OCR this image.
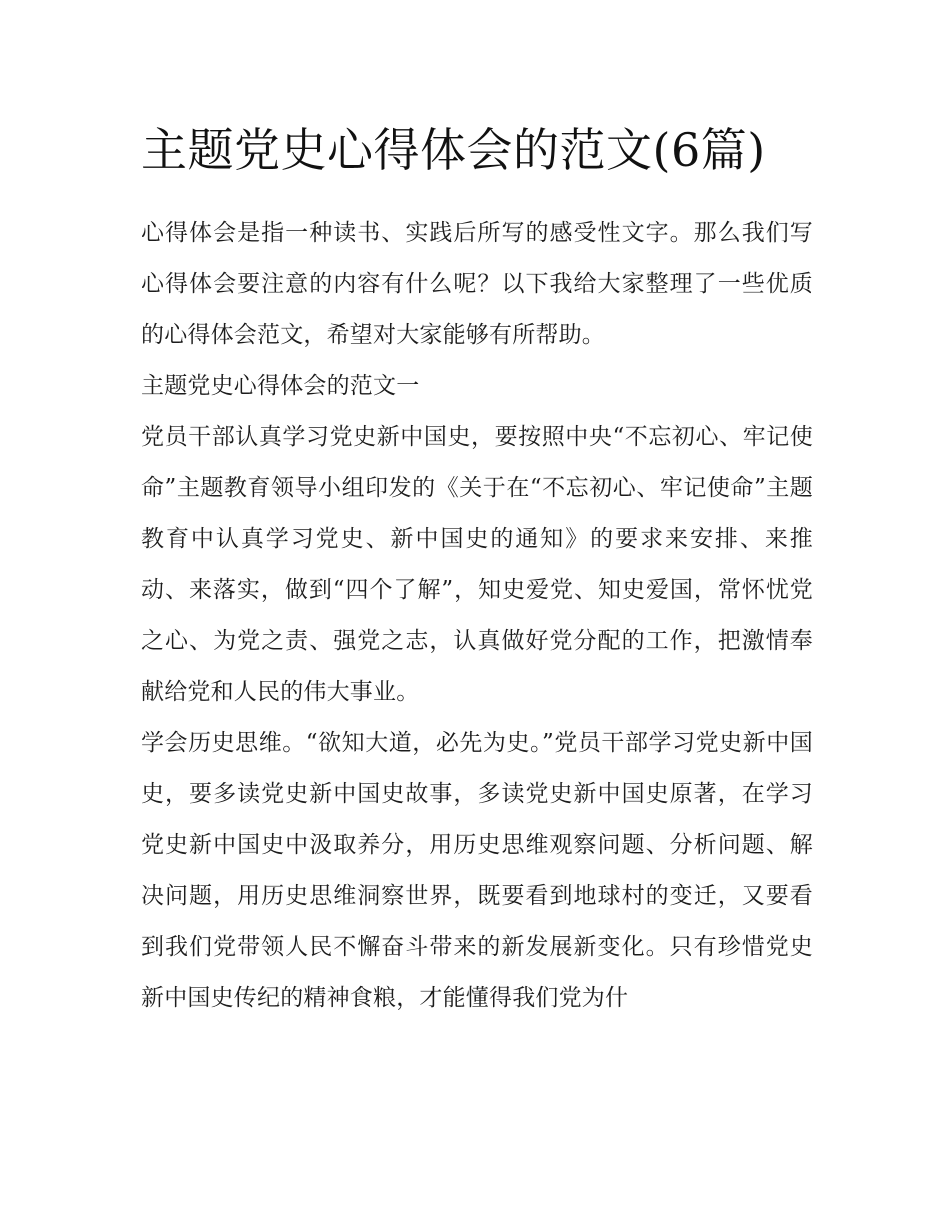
主题党史心得体会的范文(6篇)

心得体会是指一种读书、实践后所写的感受性文字。那么我们写心得体会要注意的内容有什么呢？以下我给大家整理了一些优质的心得体会范文，希望对大家能够有所帮助。

主题党史心得体会的范文一

党员干部认真学习党史新中国史，要按照中央“不忘初心、牢记使命”主题教育领导小组印发的《关于在“不忘初心、牢记使命”主题教育中认真学习党史、新中国史的通知》的要求来安排、来推动、来落实，做到“四个了解”，知史爱党、知史爱国，常怀忧党之心、为党之责、强党之志，认真做好党分配的工作，把激情奉献给党和人民的伟大事业。

学会历史思维。“欲知大道，必先为史。”党员干部学习党史新中国史，要多读党史新中国史故事，多读党史新中国史原著，在学习党史新中国史中汲取养分，用历史思维观察问题、分析问题、解决问题，用历史思维洞察世界，既要看到地球村的变迁，又要看到我们党带领人民不懈奋斗带来的新发展新变化。只有珍惜党史新中国史传纪的精神食粮，才能懂得我们党为什
